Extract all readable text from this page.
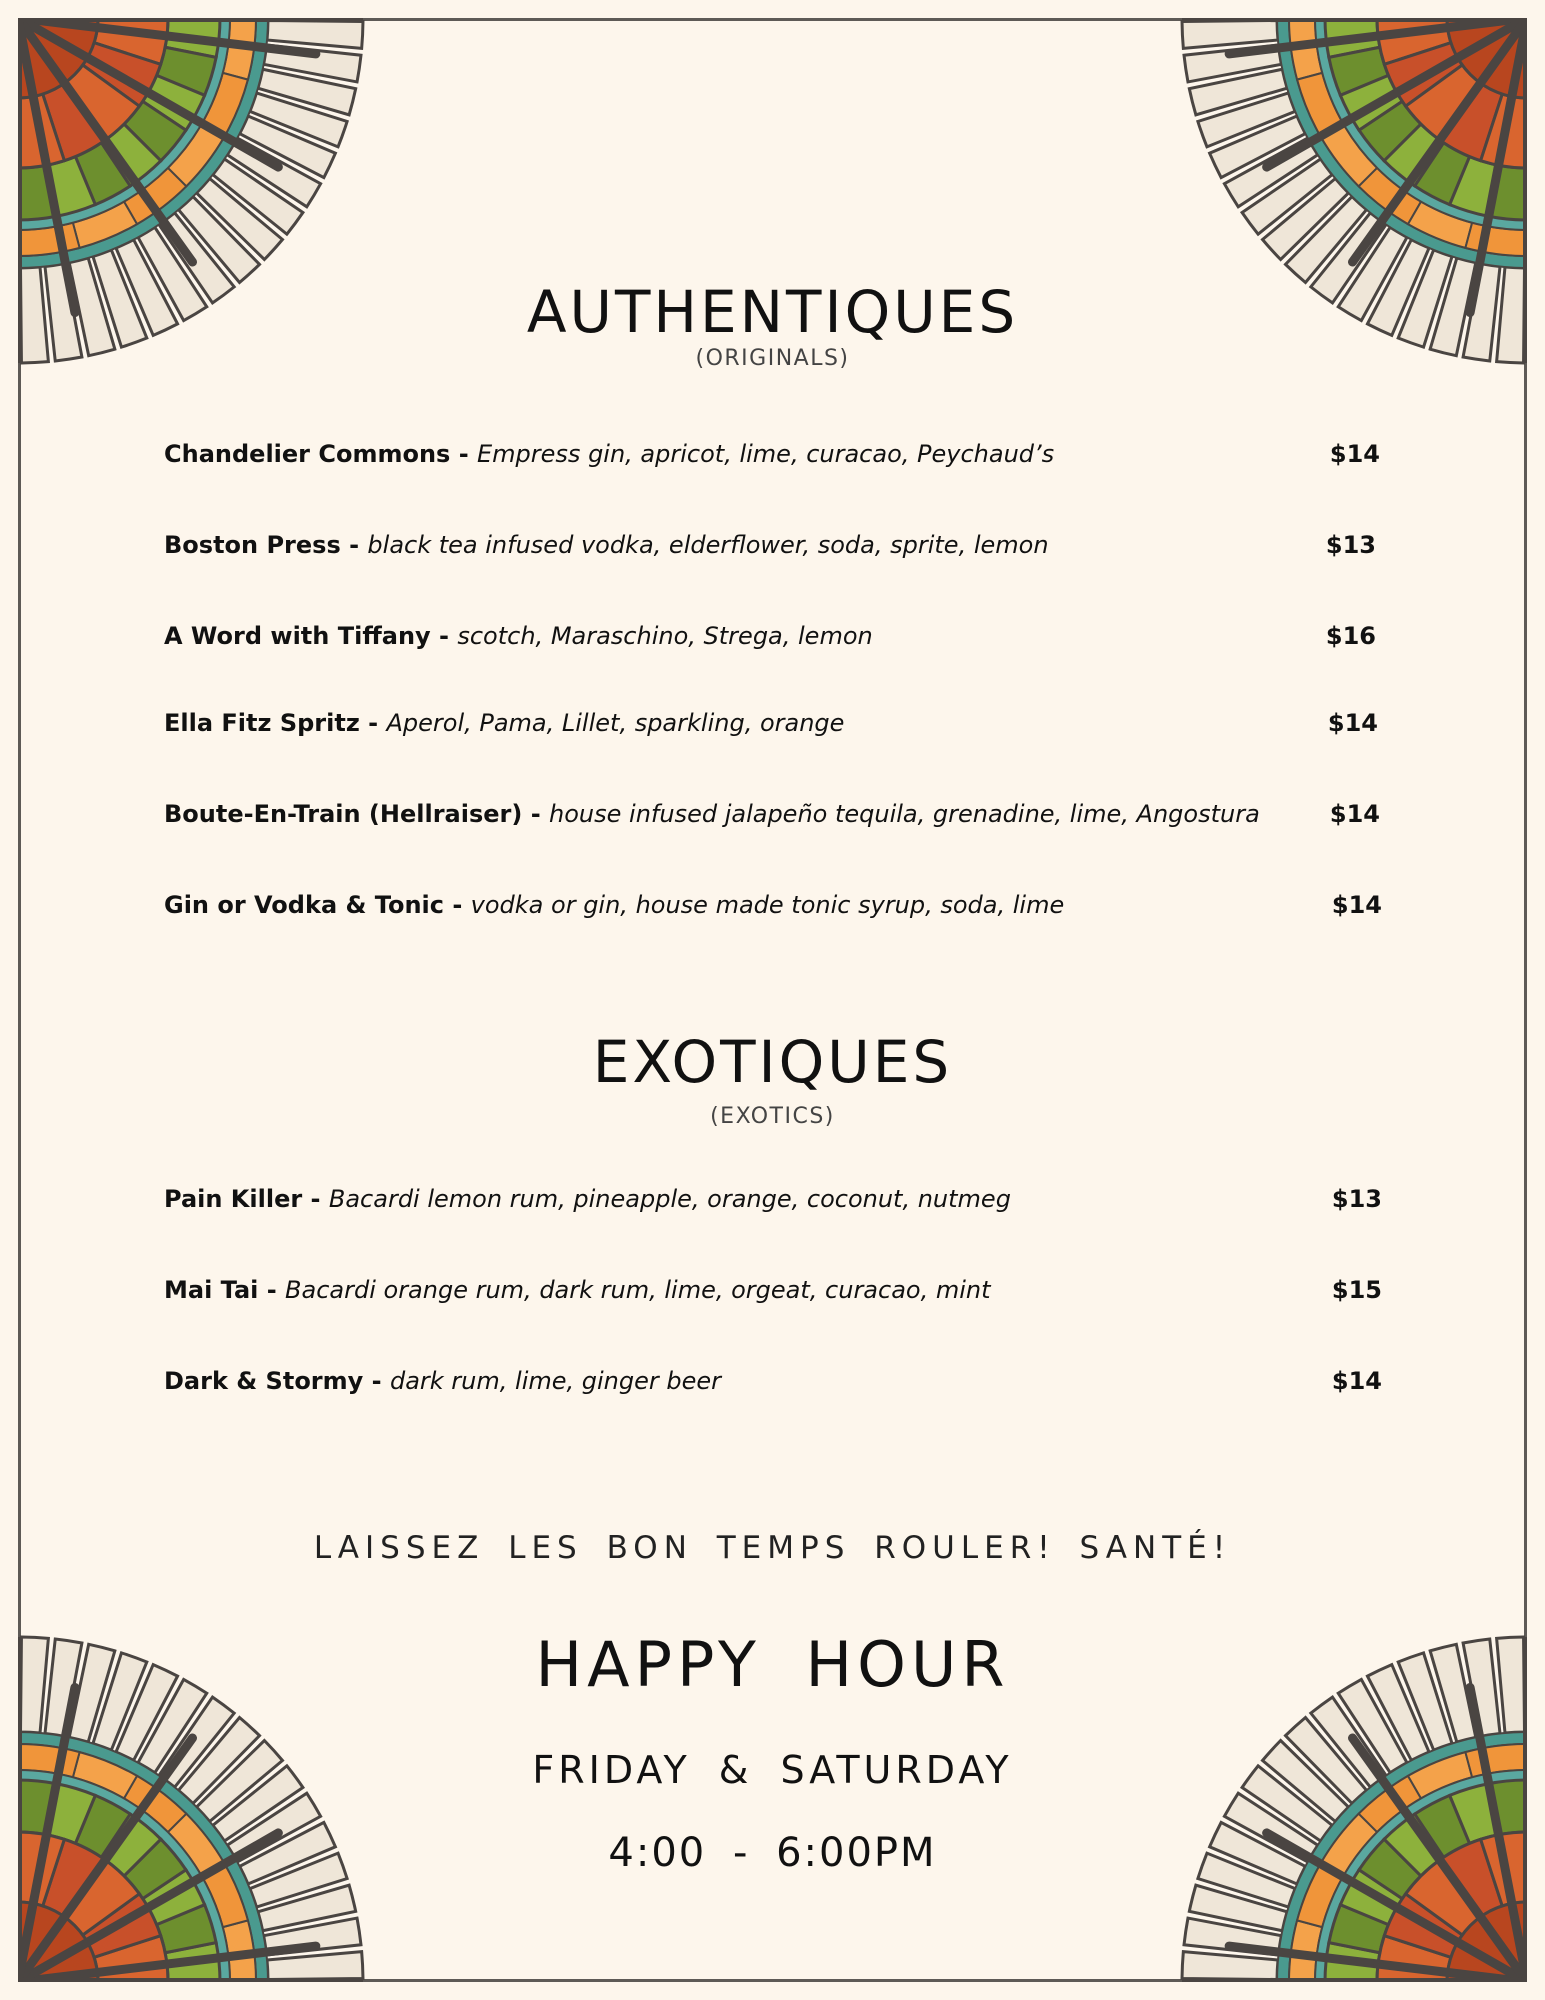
AUTHENTIQUES
(ORIGINALS)
Chandelier Commons - Empress gin, apricot, lime, curacao, Peychaud’s	$14
Boston Press - black tea infused vodka, elderflower, soda, sprite, lemon	$13
A Word with Tiffany - scotch, Maraschino, Strega, lemon	$16
Ella Fitz Spritz - Aperol, Pama, Lillet, sparkling, orange	$14
Boute-En-Train (Hellraiser) - house infused jalapeño tequila, grenadine, lime, Angostura	$14
Gin or Vodka & Tonic - vodka or gin, house made tonic syrup, soda, lime	$14
EXOTIQUES
(EXOTICS)
Pain Killer - Bacardi lemon rum, pineapple, orange, coconut, nutmeg	$13
Mai Tai - Bacardi orange rum, dark rum, lime, orgeat, curacao, mint	$15
Dark & Stormy - dark rum, lime, ginger beer	$14
LAISSEZ LES BON TEMPS ROULER! SANTÉ!
HAPPY HOUR
FRIDAY & SATURDAY
4:00 - 6:00PM
